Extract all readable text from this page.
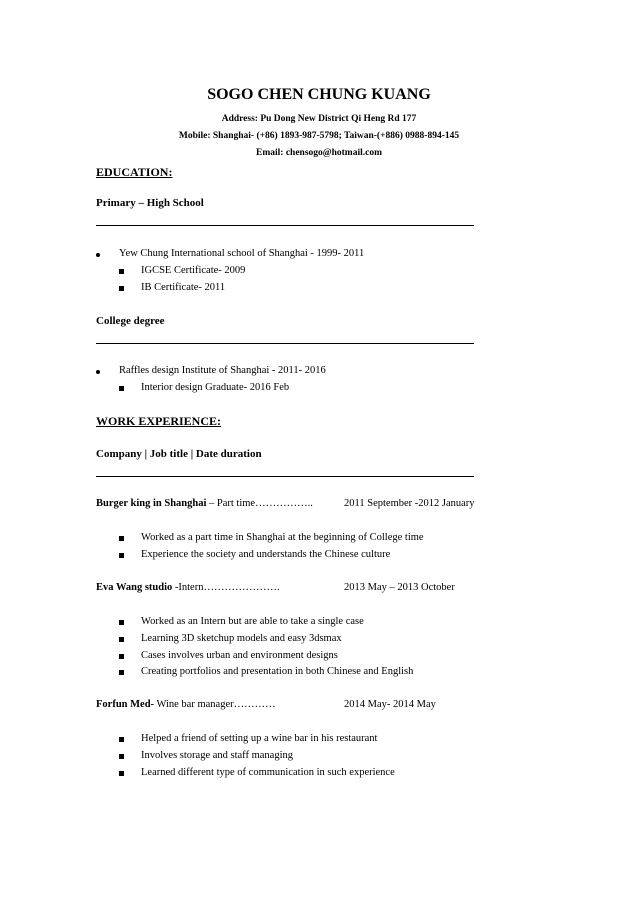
SOGO CHEN CHUNG KUANG
Address: Pu Dong New District Qi Heng Rd 177
Mobile: Shanghai- (+86) 1893-987-5798; Taiwan-(+886) 0988-894-145
Email: chensogo@hotmail.com
EDUCATION:
Primary – High School
Yew Chung International school of Shanghai - 1999- 2011
IGCSE Certificate- 2009
IB Certificate- 2011
College degree
Raffles design Institute of Shanghai - 2011- 2016
Interior design Graduate- 2016 Feb
WORK EXPERIENCE:
Company | Job title | Date duration
Burger king in Shanghai – Part time……………..	2011 September -2012 January
Worked as a part time in Shanghai at the beginning of College time
Experience the society and understands the Chinese culture
Eva Wang studio -Intern………………….	2013 May – 2013 October
Worked as an Intern but are able to take a single case
Learning 3D sketchup models and easy 3dsmax
Cases involves urban and environment designs
Creating portfolios and presentation in both Chinese and English
Forfun Med- Wine bar manager…………	2014 May- 2014 May
Helped a friend of setting up a wine bar in his restaurant
Involves storage and staff managing
Learned different type of communication in such experience
